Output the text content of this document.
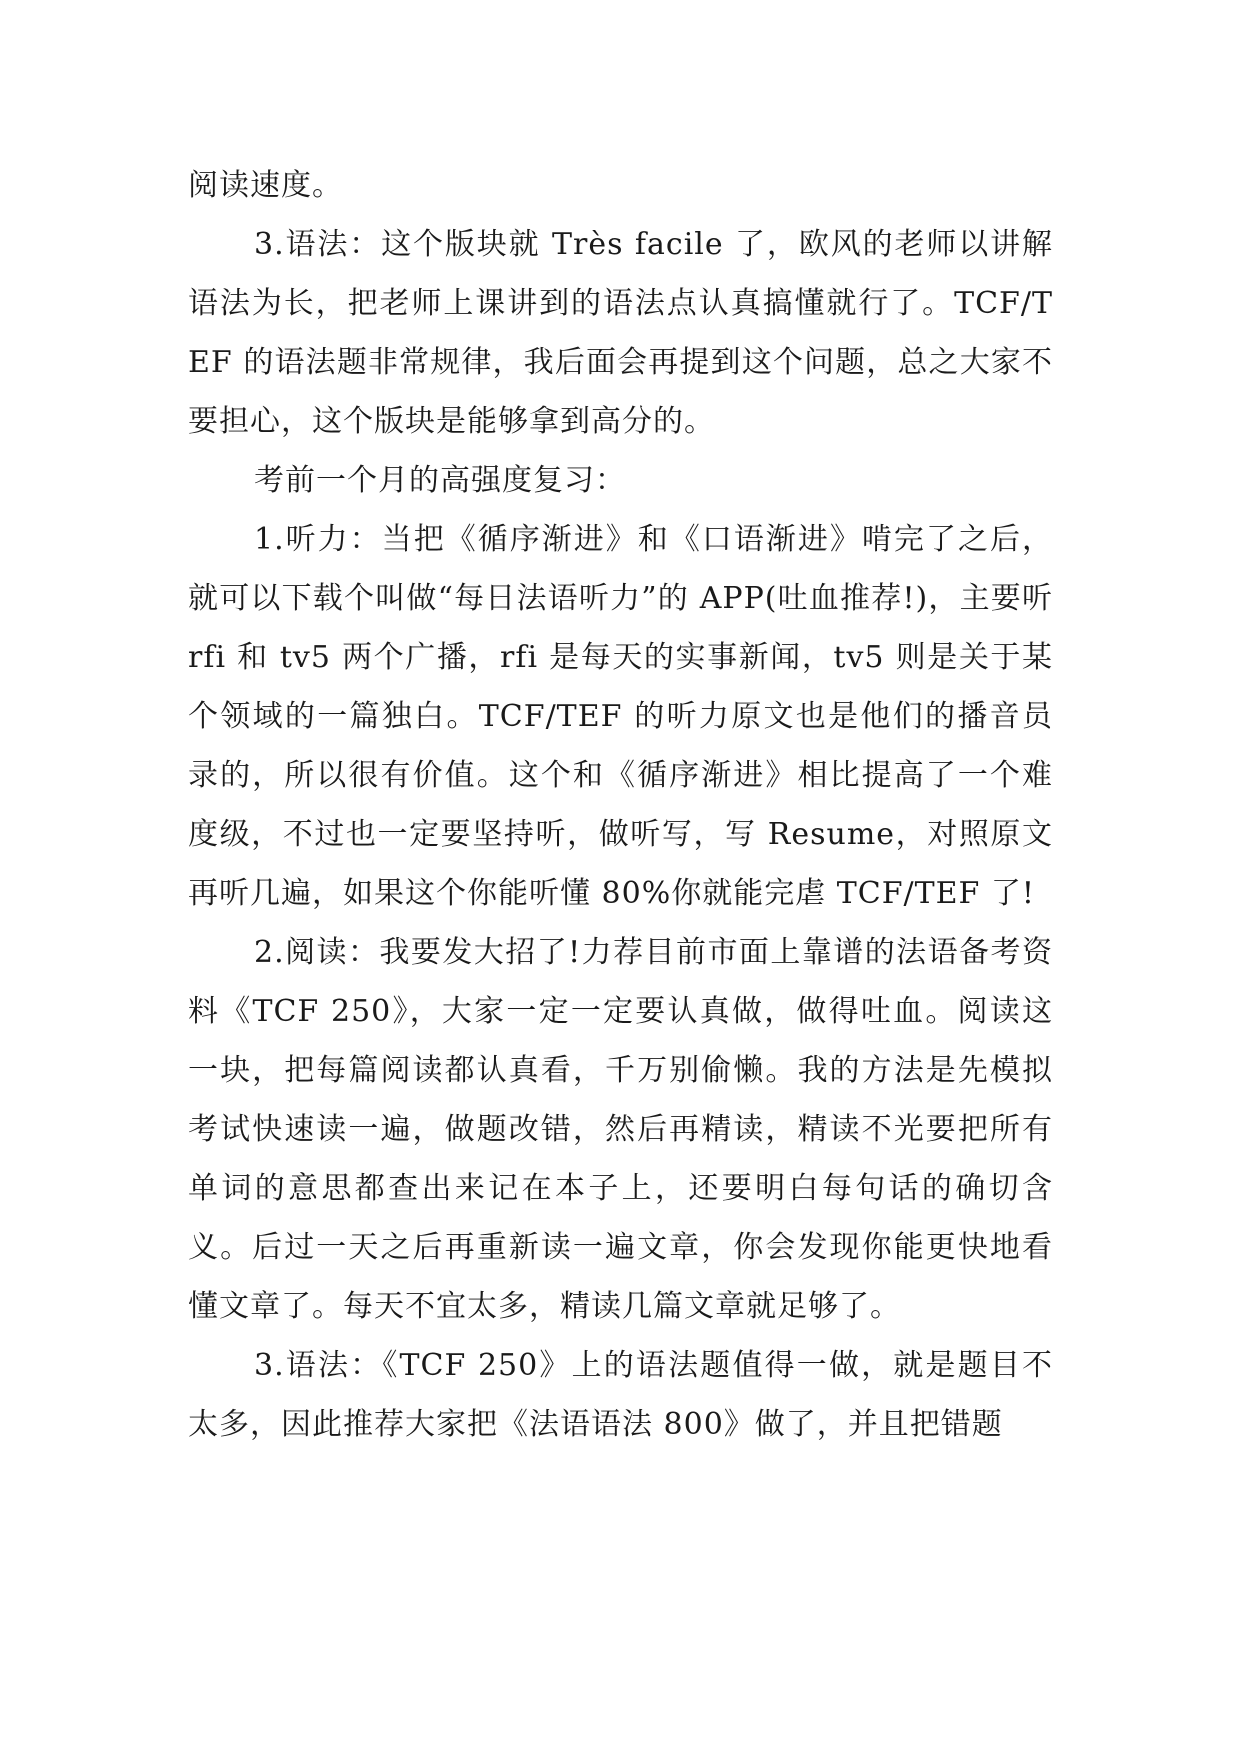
阅读速度。

3.语法：这个版块就 Très facile 了，欧风的老师以讲解语法为长，把老师上课讲到的语法点认真搞懂就行了。TCF/TEF 的语法题非常规律，我后面会再提到这个问题，总之大家不要担心，这个版块是能够拿到高分的。

考前一个月的高强度复习：

1.听力：当把《循序渐进》和《口语渐进》啃完了之后，就可以下载个叫做“每日法语听力”的 APP(吐血推荐!)，主要听 rfi 和 tv5 两个广播，rfi 是每天的实事新闻，tv5 则是关于某个领域的一篇独白。TCF/TEF 的听力原文也是他们的播音员录的，所以很有价值。这个和《循序渐进》相比提高了一个难度级，不过也一定要坚持听，做听写，写 Resume，对照原文再听几遍，如果这个你能听懂 80%你就能完虐 TCF/TEF 了!

2.阅读：我要发大招了!力荐目前市面上靠谱的法语备考资料《TCF 250》，大家一定一定要认真做，做得吐血。阅读这一块，把每篇阅读都认真看，千万别偷懒。我的方法是先模拟考试快速读一遍，做题改错，然后再精读，精读不光要把所有单词的意思都查出来记在本子上，还要明白每句话的确切含义。后过一天之后再重新读一遍文章，你会发现你能更快地看懂文章了。每天不宜太多，精读几篇文章就足够了。

3.语法：《TCF 250》上的语法题值得一做，就是题目不太多，因此推荐大家把《法语语法 800》做了，并且把错题
